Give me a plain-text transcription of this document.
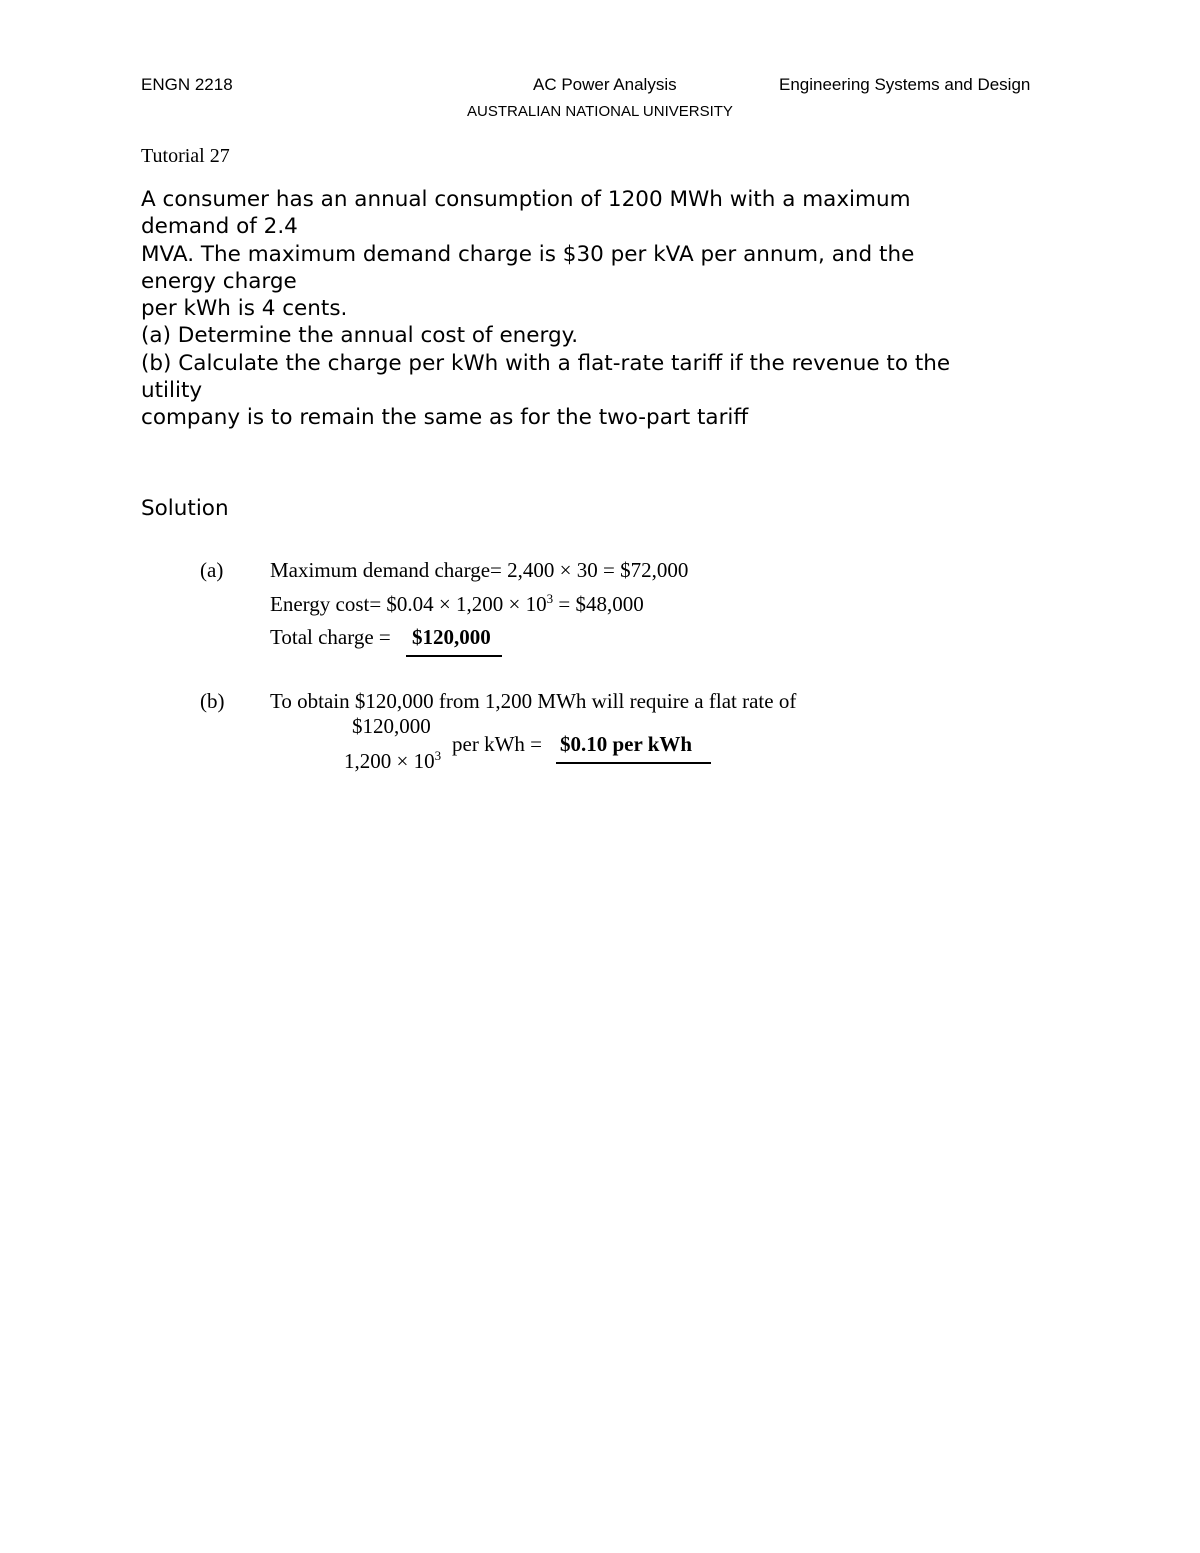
ENGN 2218	AC Power Analysis	Engineering Systems and Design
AUSTRALIAN NATIONAL UNIVERSITY
Tutorial 27
A consumer has an annual consumption of 1200 MWh with a maximum
demand of 2.4
MVA. The maximum demand charge is $30 per kVA per annum, and the
energy charge
per kWh is 4 cents.
(a) Determine the annual cost of energy.
(b) Calculate the charge per kWh with a flat-rate tariff if the revenue to the
utility
company is to remain the same as for the two-part tariff
Solution
(a) Maximum demand charge= 2,400 × 30 = $72,000
Energy cost= $0.04 × $1,200 \times 10^3$ = $48,000
Total charge = $120,000
(b) To obtain $120,000 from 1,200 MWh will require a flat rate of
$120,000
$1,200 \times 10^3$ per kWh = $0.10 per kWh
